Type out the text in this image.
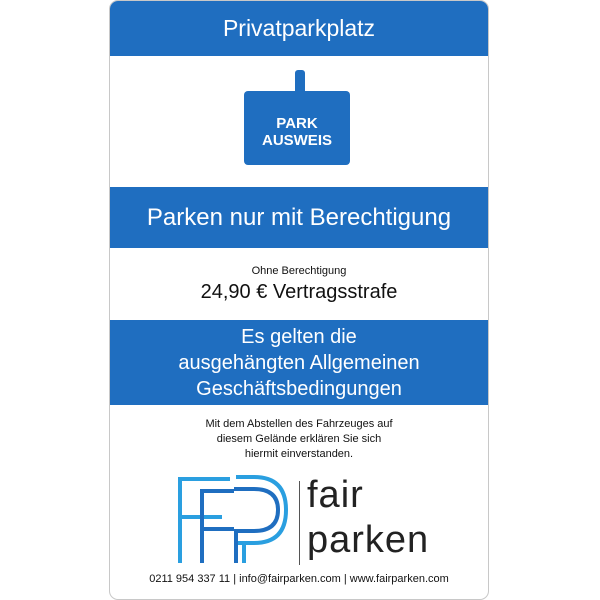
Privatparkplatz
PARK
AUSWEIS
Parken nur mit Berechtigung
Ohne Berechtigung
24,90 € Vertragsstrafe
Es gelten die
ausgehängten Allgemeinen
Geschäftsbedingungen
Mit dem Abstellen des Fahrzeuges auf
diesem Gelände erklären Sie sich
hiermit einverstanden.
fair
parken
0211 954 337 11 | info@fairparken.com | www.fairparken.com
